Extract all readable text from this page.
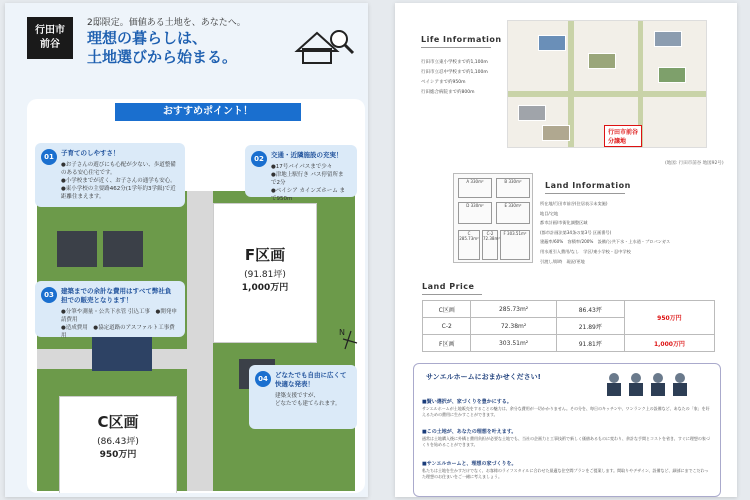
行田市
前谷
2邸限定。価値ある土地を、あなたへ。
理想の暮らしは、
土地選びから始まる。
おすすめポイント！
F区画
(91.81坪)
1,000万円
C区画
(86.43坪)
950万円
N
01	子育てのしやすさ！
●お子さんの遊びにも心配が少ない、歩道整備のある安心住宅です。
●小学校までが近く、お子さんの通学も安心。
●東小学校の主要路462分(1学年約3学級)で近距離住まえます。
02	交通・近隣施設の充実！
●17号バイパスまで少々
●津地上駅行き バス停留所まで2分
●ベイシア カインズホーム まで950m
03	建築までの余計な費用はすべて弊社負担での販売となります！
●分筆や測量・公共下水管 引込工事　●開発申請費用
●造成費用　●協定道路のアスファルト工事費用
04	どなたでも自由に広くて快適な発表！
建築支援ですが、
どなたでも建てられます。
Life Information
行田市立東小学校まで約1,100m
行田市立忍中学校まで約1,100m
ベイシアまで約950m
行田総合病院まで約800m
行田市前谷
分譲地
(地図: 行田市前谷 地図92号)
A 330m²	B 330m²
D 330m²	E 330m²
C 285.73m²
C-2 72.38m²
F 303.51m²
Land Information
所在地/行田市前谷(住居表示未実施)
地目/宅地
都市計画/市街化調整区域
(都市計画法第34条の第3号 区画番号)
建蔽率/60%　容積率/200%　設備/公共下水・上水道・プロパンガス
用水道引入費用/なし　学区/東小学校・忍中学校
引渡し/即時　現況/更地
Land Price
C区画	285.73m²	86.43坪	950万円
C-2	72.38m²	21.89坪	
F区画	303.51m²	91.81坪	1,000万円
サンエルホームにおまかせください!
■賢い選択が、家づくりを豊かにする。
サンエルホームが土地販売をすることの魅力は、余分な費用が一切かかりません。その分を、毎日のキッチンや、ワンランク上の設備など、あなたの「家」を好えるための費用に生かすことができます。
■この土地が、あなたの理想を叶えます。
通常は土地購入後に外構と費用負担が必要な土地でも、当社の企画力と工事技術で新しく価値あるものに変わり、余計な手間とコストを省き、すぐに理想の家づくりを始めることができます。
■サンエルホームと、理想の家づくりを。
私たちは土地を生かすだけでなく、お客様のライフスタイルに合わせた最適な住空間プランをご提案します。間取りやデザイン、設備など、細部にまでこだわった理想のお住まいをご一緒に考えましょう。
